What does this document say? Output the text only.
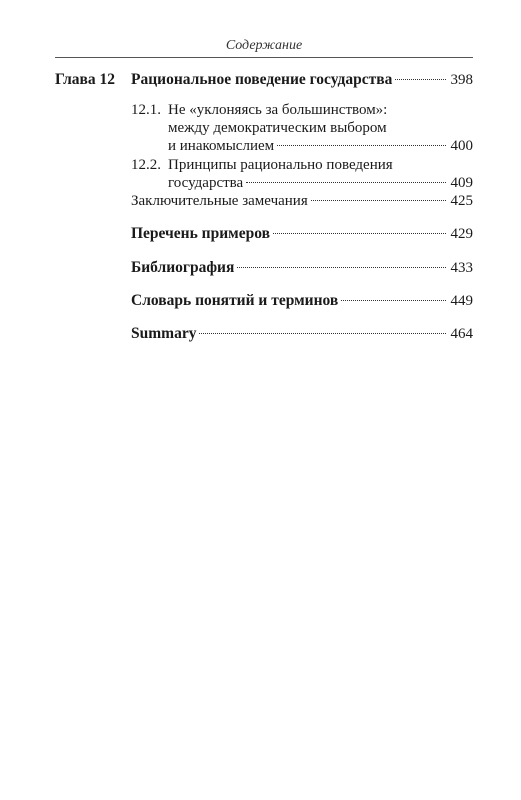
Содержание
Глава 12 Рациональное поведение государства	398
12.1. Не «уклоняясь за большинством»:
между демократическим выбором
и инакомыслием	400
12.2. Принципы рационально поведения
государства	409
Заключительные замечания	425
Перечень примеров	429
Библиография	433
Словарь понятий и терминов	449
Summary	464
